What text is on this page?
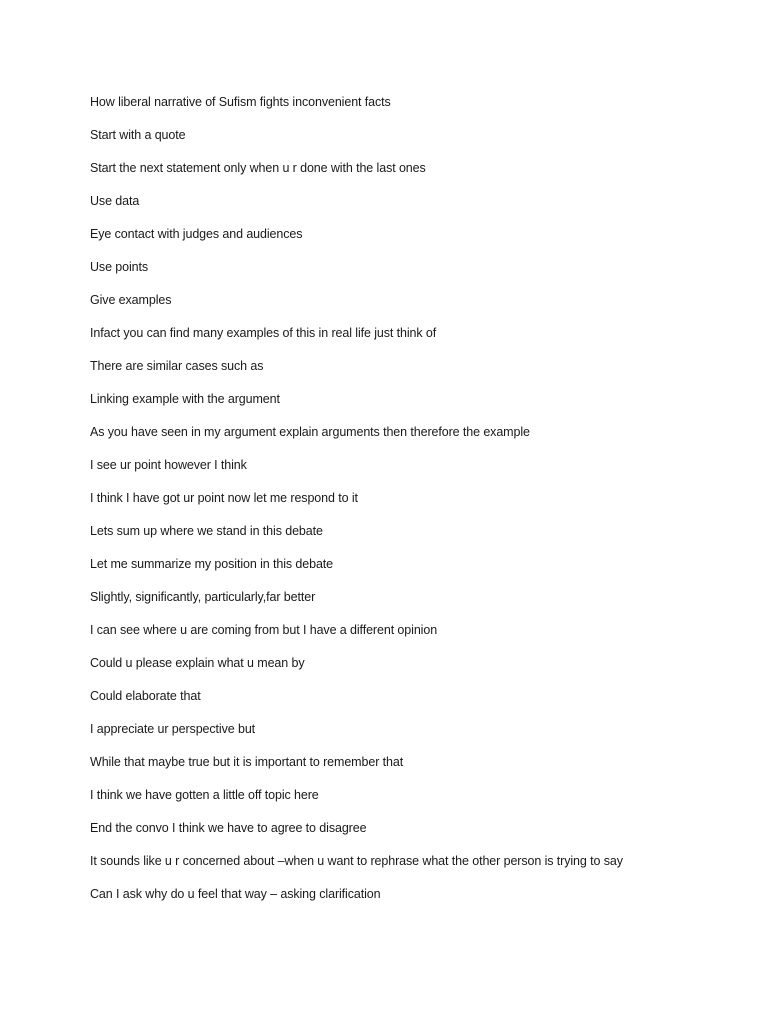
How liberal narrative of Sufism fights inconvenient facts
Start with a quote
Start the next statement only when u r done with the last ones
Use data
Eye contact with judges and audiences
Use points
Give examples
Infact you can find many examples of this in real life just think of
There are similar cases such as
Linking example with the argument
As you have seen in my argument explain arguments then therefore the example
I see ur point however I think
I think I have got ur point now let me respond to it
Lets sum up where we stand in this debate
Let me summarize my position in this debate
Slightly, significantly, particularly,far better
I can see where u are coming from but I have a different opinion
Could u please explain what u mean by
Could elaborate that
I appreciate ur perspective but
While that maybe true but it is important to remember that
I think we have gotten a little off topic here
End the convo I think we have to agree to disagree
It sounds like u r concerned about –when u want to rephrase what the other person is trying to say
Can I ask why do u feel that way – asking clarification
